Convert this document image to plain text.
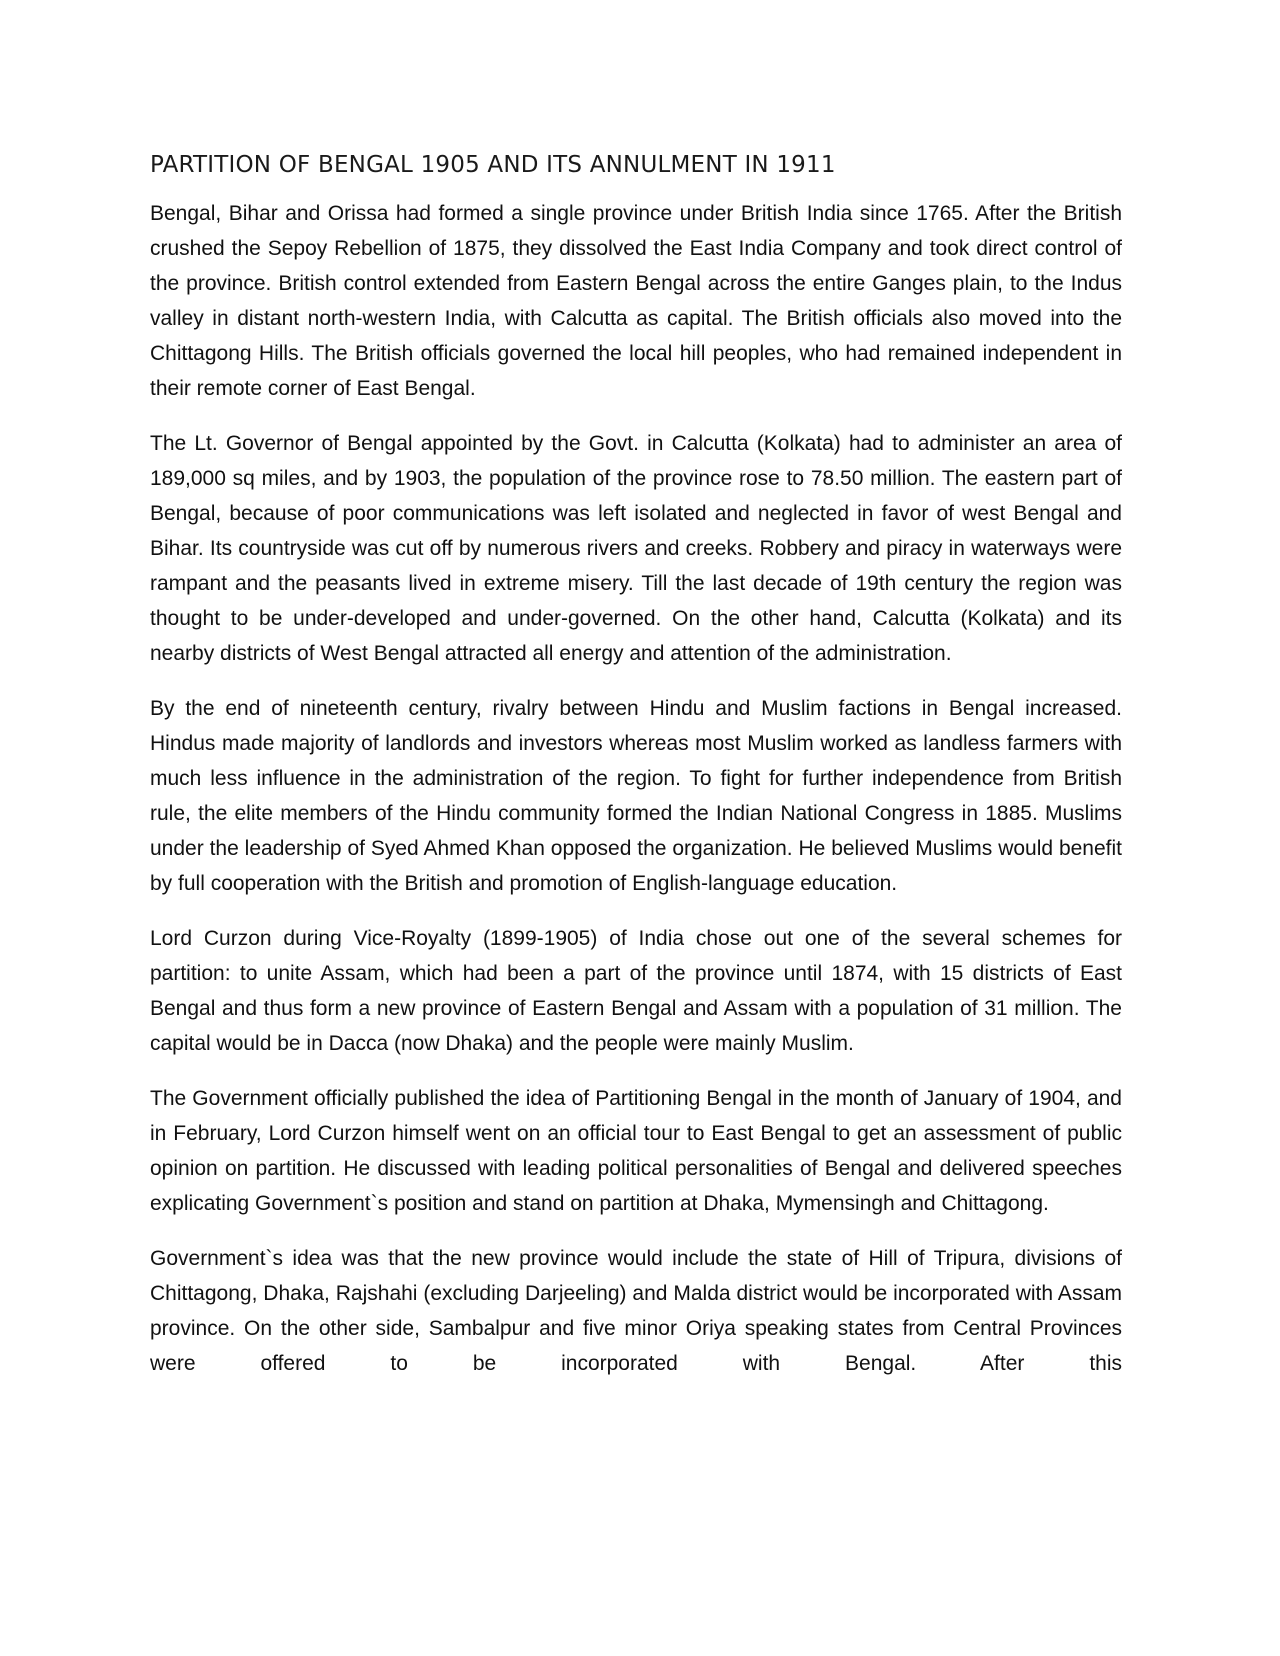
PARTITION OF BENGAL 1905 AND ITS ANNULMENT IN 1911

Bengal, Bihar and Orissa had formed a single province under British India since 1765. After the British crushed the Sepoy Rebellion of 1875, they dissolved the East India Company and took direct control of the province. British control extended from Eastern Bengal across the entire Ganges plain, to the Indus valley in distant north-western India, with Calcutta as capital. The British officials also moved into the Chittagong Hills. The British officials governed the local hill peoples, who had remained independent in their remote corner of East Bengal.

The Lt. Governor of Bengal appointed by the Govt. in Calcutta (Kolkata) had to administer an area of 189,000 sq miles, and by 1903, the population of the province rose to 78.50 million. The eastern part of Bengal, because of poor communications was left isolated and neglected in favor of west Bengal and Bihar. Its countryside was cut off by numerous rivers and creeks. Robbery and piracy in waterways were rampant and the peasants lived in extreme misery. Till the last decade of 19th century the region was thought to be under-developed and under-governed. On the other hand, Calcutta (Kolkata) and its nearby districts of West Bengal attracted all energy and attention of the administration.

By the end of nineteenth century, rivalry between Hindu and Muslim factions in Bengal increased. Hindus made majority of landlords and investors whereas most Muslim worked as landless farmers with much less influence in the administration of the region. To fight for further independence from British rule, the elite members of the Hindu community formed the Indian National Congress in 1885. Muslims under the leadership of Syed Ahmed Khan opposed the organization. He believed Muslims would benefit by full cooperation with the British and promotion of English-language education.

Lord Curzon during Vice-Royalty (1899-1905) of India chose out one of the several schemes for partition: to unite Assam, which had been a part of the province until 1874, with 15 districts of East Bengal and thus form a new province of Eastern Bengal and Assam with a population of 31 million. The capital would be in Dacca (now Dhaka) and the people were mainly Muslim.

The Government officially published the idea of Partitioning Bengal in the month of January of 1904, and in February, Lord Curzon himself went on an official tour to East Bengal to get an assessment of public opinion on partition. He discussed with leading political personalities of Bengal and delivered speeches explicating Government`s position and stand on partition at Dhaka, Mymensingh and Chittagong.

Government`s idea was that the new province would include the state of Hill of Tripura, divisions of Chittagong, Dhaka, Rajshahi (excluding Darjeeling) and Malda district would be incorporated with Assam province. On the other side, Sambalpur and five minor Oriya speaking states from Central Provinces were offered to be incorporated with Bengal. After this
